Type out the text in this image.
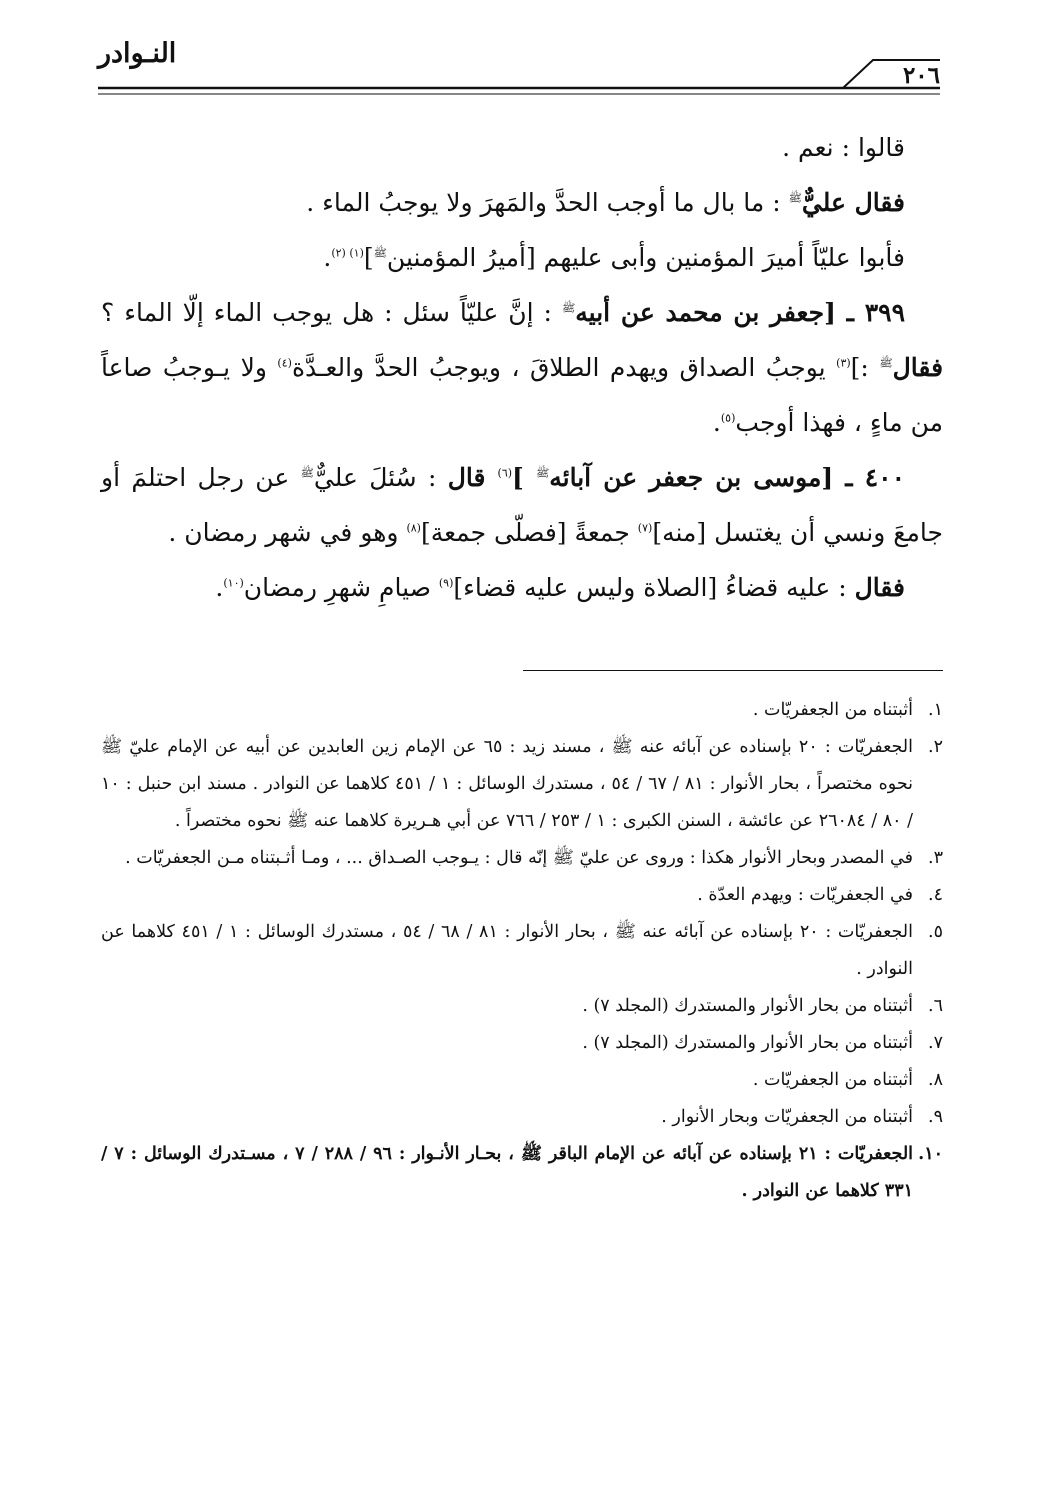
النـوادر
٢٠٦

قالوا : نعم .

فقال عليٌّ$^ﷺ$ : ما بال ما أوجب الحدَّ والمَهرَ ولا يوجبُ الماء .

فأبوا عليّاً أميرَ المؤمنين وأبى عليهم [أميرُ المؤمنين$^ﷺ$]$^{(١) (٢)}$.

٣٩٩ ـ [جعفر بن محمد عن أبيه$^ﷺ$ : إنَّ عليّاً سئل : هل يوجب الماء إلّا الماء ؟ فقال$^ﷺ$ :]$^{(٣)}$ يوجبُ الصداق ويهدم الطلاقَ ، ويوجبُ الحدَّ والعـدَّة$^{(٤)}$ ولا يـوجبُ صاعاً من ماءٍ ، فهذا أوجب$^{(٥)}$.

٤٠٠ ـ [موسى بن جعفر عن آبائه$^ﷺ$ ]$^{(٦)}$ قال : سُئلَ عليٌّ$^ﷺ$ عن رجل احتلمَ أو جامعَ ونسي أن يغتسل [منه]$^{(٧)}$ جمعةً [فصلّى جمعة]$^{(٨)}$ وهو في شهر رمضان .

فقال : عليه قضاءُ [الصلاة وليس عليه قضاء]$^{(٩)}$ صيامِ شهرِ رمضان$^{(١٠)}$.

١.
أثبتناه من الجعفريّات .
٢.
الجعفريّات : ٢٠ بإسناده عن آبائه عنه ﷺ ، مسند زيد : ٦٥ عن الإمام زين العابدين عن أبيه عن الإمام عليّ ﷺ نحوه مختصراً ، بحار الأنوار : ٨١ / ٦٧ / ٥٤ ، مستدرك الوسائل : ١ / ٤٥١ كلاهما عن النوادر . مسند ابن حنبل : ١٠ / ٨٠ / ٢٦٠٨٤ عن عائشة ، السنن الكبرى : ١ / ٢٥٣ / ٧٦٦ عن أبي هـريرة كلاهما عنه ﷺ نحوه مختصراً .
٣.
في المصدر وبحار الأنوار هكذا : وروى عن عليّ ﷺ إنّه قال : يـوجب الصـداق ... ، ومـا أثـبتناه مـن الجعفريّات .
٤.
في الجعفريّات : ويهدم العدّة .
٥.
الجعفريّات : ٢٠ بإسناده عن آبائه عنه ﷺ ، بحار الأنوار : ٨١ / ٦٨ / ٥٤ ، مستدرك الوسائل : ١ / ٤٥١ كلاهما عن النوادر .
٦.
أثبتناه من بحار الأنوار والمستدرك (المجلد ٧) .
٧.
أثبتناه من بحار الأنوار والمستدرك (المجلد ٧) .
٨.
أثبتناه من الجعفريّات .
٩.
أثبتناه من الجعفريّات وبحار الأنوار .
١٠.
الجعفريّات : ٢١ بإسناده عن آبائه عن الإمام الباقر ﷺ ، بحـار الأنـوار : ٩٦ / ٢٨٨ / ٧ ، مسـتدرك الوسائل : ٧ / ٣٣١ كلاهما عن النوادر .
